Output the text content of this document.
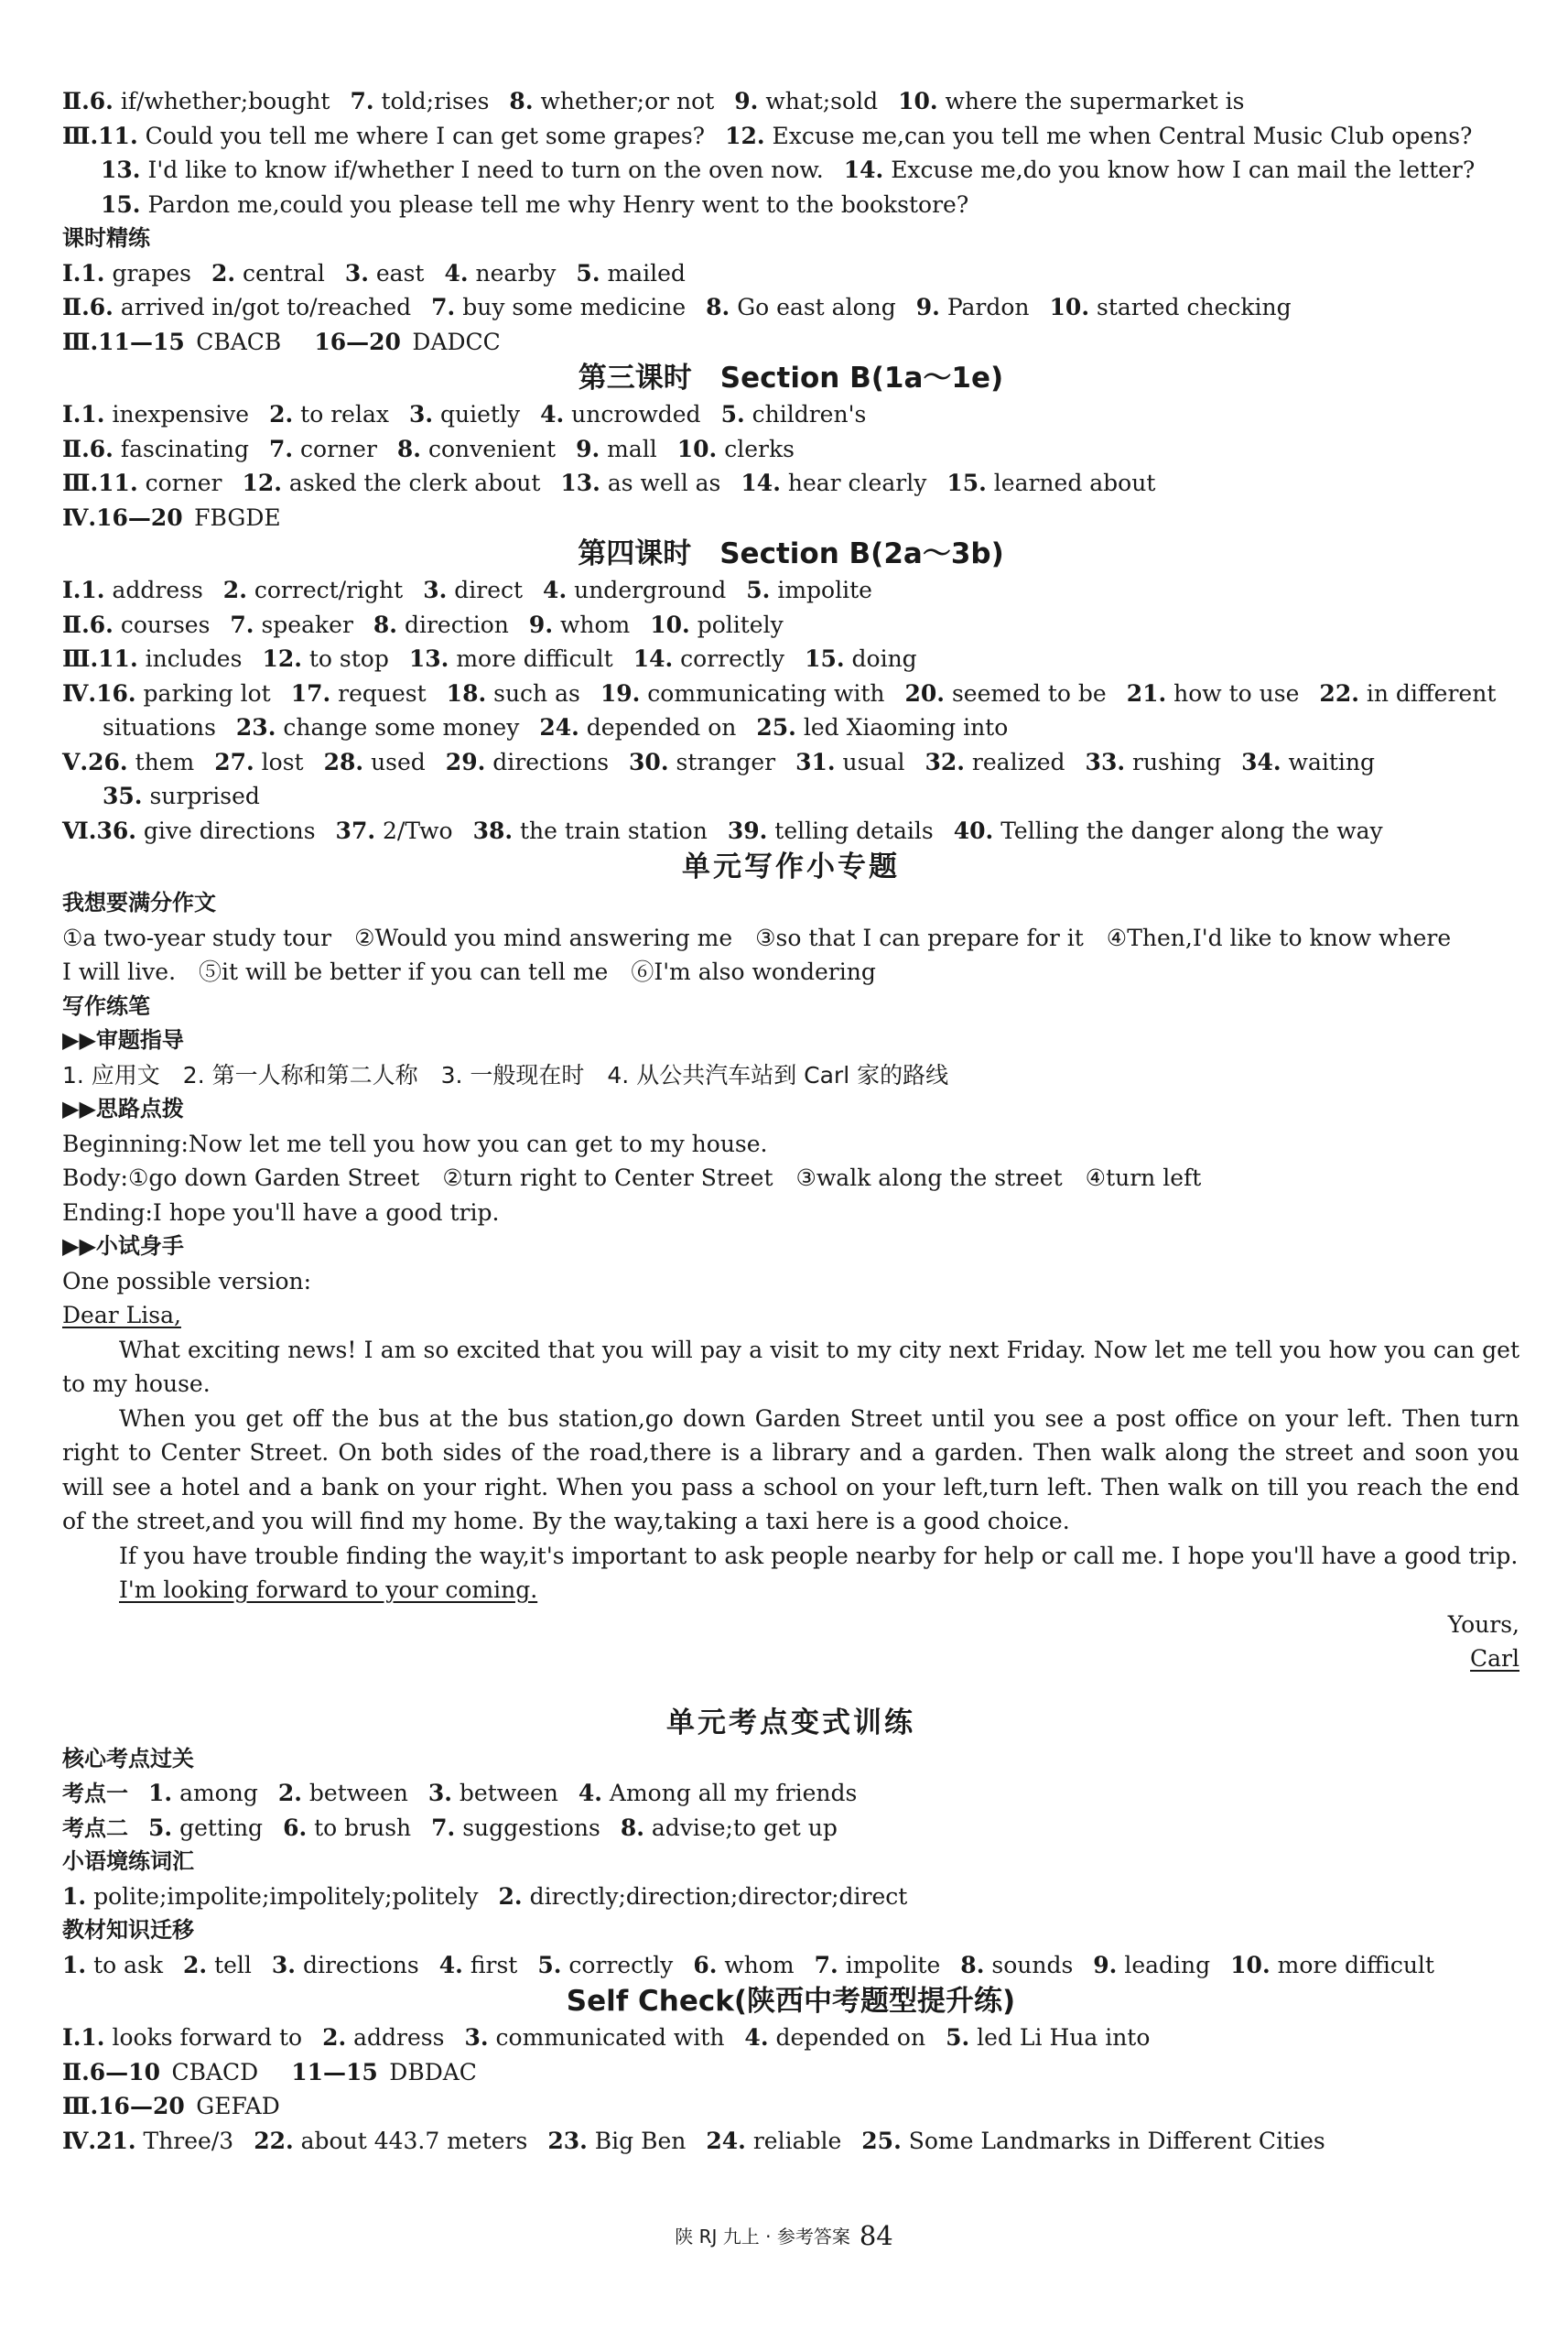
Ⅱ.6. if/whether;bought 7. told;rises 8. whether;or not 9. what;sold 10. where the supermarket is
Ⅲ.11. Could you tell me where I can get some grapes? 12. Excuse me,can you tell me when Central Music Club opens?
13. I'd like to know if/whether I need to turn on the oven now. 14. Excuse me,do you know how I can mail the letter?
15. Pardon me,could you please tell me why Henry went to the bookstore?
课时精练
Ⅰ.1. grapes 2. central 3. east 4. nearby 5. mailed
Ⅱ.6. arrived in/got to/reached 7. buy some medicine 8. Go east along 9. Pardon 10. started checking
Ⅲ.11—15  CBACB 16—20  DADCC
第三课时　Section B(1a～1e)
Ⅰ.1. inexpensive 2. to relax 3. quietly 4. uncrowded 5. children's
Ⅱ.6. fascinating 7. corner 8. convenient 9. mall 10. clerks
Ⅲ.11. corner 12. asked the clerk about 13. as well as 14. hear clearly 15. learned about
Ⅳ.16—20  FBGDE
第四课时　Section B(2a～3b)
Ⅰ.1. address 2. correct/right 3. direct 4. underground 5. impolite
Ⅱ.6. courses 7. speaker 8. direction 9. whom 10. politely
Ⅲ.11. includes 12. to stop 13. more difficult 14. correctly 15. doing
Ⅳ.16. parking lot 17. request 18. such as 19. communicating with 20. seemed to be 21. how to use 22. in different
situations 23. change some money 24. depended on 25. led Xiaoming into
Ⅴ.26. them 27. lost 28. used 29. directions 30. stranger 31. usual 32. realized 33. rushing 34. waiting
35. surprised
Ⅵ.36. give directions 37. 2/Two 38. the train station 39. telling details 40. Telling the danger along the way
单元写作小专题
我想要满分作文
①a two-year study tour　②Would you mind answering me　③so that I can prepare for it　④Then,I'd like to know where
I will live.　⑤it will be better if you can tell me　⑥I'm also wondering
写作练笔
▶▶审题指导
1. 应用文　2. 第一人称和第二人称　3. 一般现在时　4. 从公共汽车站到 Carl 家的路线
▶▶思路点拨
Beginning:Now let me tell you how you can get to my house.
Body:①go down Garden Street　②turn right to Center Street　③walk along the street　④turn left
Ending:I hope you'll have a good trip.
▶▶小试身手
One possible version:
Dear Lisa,
What exciting news! I am so excited that you will pay a visit to my city next Friday. Now let me tell you how you can get to my house.
When you get off the bus at the bus station,go down Garden Street until you see a post office on your left. Then turn right to Center Street. On both sides of the road,there is a library and a garden. Then walk along the street and soon you will see a hotel and a bank on your right. When you pass a school on your left,turn left. Then walk on till you reach the end of the street,and you will find my home. By the way,taking a taxi here is a good choice.
If you have trouble finding the way,it's important to ask people nearby for help or call me. I hope you'll have a good trip.
I'm looking forward to your coming.
Yours,
Carl
单元考点变式训练
核心考点过关
考点一 1. among 2. between 3. between 4. Among all my friends
考点二 5. getting 6. to brush 7. suggestions 8. advise;to get up
小语境练词汇
1. polite;impolite;impolitely;politely 2. directly;direction;director;direct
教材知识迁移
1. to ask 2. tell 3. directions 4. first 5. correctly 6. whom 7. impolite 8. sounds 9. leading 10. more difficult
Self Check(陕西中考题型提升练)
Ⅰ.1. looks forward to 2. address 3. communicated with 4. depended on 5. led Li Hua into
Ⅱ.6—10  CBACD 11—15  DBDAC
Ⅲ.16—20  GEFAD
Ⅳ.21. Three/3 22. about 443.7 meters 23. Big Ben 24. reliable 25. Some Landmarks in Different Cities
陕 RJ 九上 · 参考答案 84
